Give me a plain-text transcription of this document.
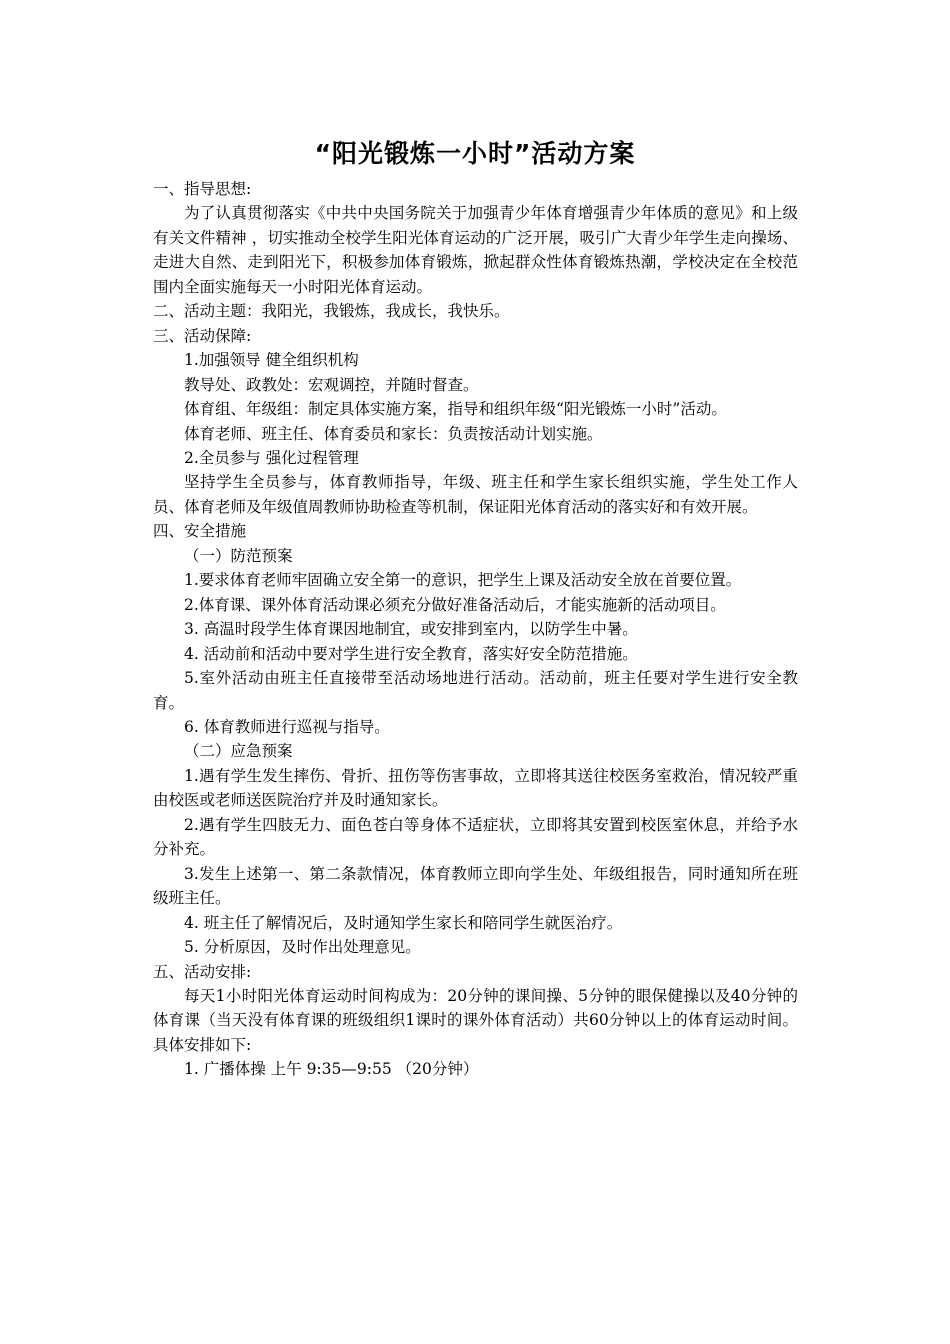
“阳光锻炼一小时”活动方案

一、指导思想:

为了认真贯彻落实《中共中央国务院关于加强青少年体育增强青少年体质的意见》和上级有关文件精神 ，切实推动全校学生阳光体育运动的广泛开展，吸引广大青少年学生走向操场、走进大自然、走到阳光下，积极参加体育锻炼，掀起群众性体育锻炼热潮，学校决定在全校范围内全面实施每天一小时阳光体育运动。

二、活动主题：我阳光，我锻炼，我成长，我快乐。

三、活动保障:

1.加强领导 健全组织机构

教导处、政教处：宏观调控，并随时督查。

体育组、年级组：制定具体实施方案，指导和组织年级“阳光锻炼一小时”活动。

体育老师、班主任、体育委员和家长：负责按活动计划实施。

2.全员参与 强化过程管理

坚持学生全员参与，体育教师指导，年级、班主任和学生家长组织实施，学生处工作人员、体育老师及年级值周教师协助检查等机制，保证阳光体育活动的落实好和有效开展。

四、安全措施

（一）防范预案

1.要求体育老师牢固确立安全第一的意识，把学生上课及活动安全放在首要位置。

2.体育课、课外体育活动课必须充分做好准备活动后，才能实施新的活动项目。

3. 高温时段学生体育课因地制宜，或安排到室内，以防学生中暑。

4. 活动前和活动中要对学生进行安全教育，落实好安全防范措施。

5.室外活动由班主任直接带至活动场地进行活动。活动前，班主任要对学生进行安全教育。

6. 体育教师进行巡视与指导。

（二）应急预案

1.遇有学生发生摔伤、骨折、扭伤等伤害事故，立即将其送往校医务室救治，情况较严重由校医或老师送医院治疗并及时通知家长。

2.遇有学生四肢无力、面色苍白等身体不适症状，立即将其安置到校医室休息，并给予水分补充。

3.发生上述第一、第二条款情况，体育教师立即向学生处、年级组报告，同时通知所在班级班主任。

4. 班主任了解情况后，及时通知学生家长和陪同学生就医治疗。

5. 分析原因，及时作出处理意见。

五、活动安排:

每天1小时阳光体育运动时间构成为：20分钟的课间操、5分钟的眼保健操以及40分钟的体育课（当天没有体育课的班级组织1课时的课外体育活动）共60分钟以上的体育运动时间。具体安排如下:

1. 广播体操 上午 9:35—9:55 （20分钟）
